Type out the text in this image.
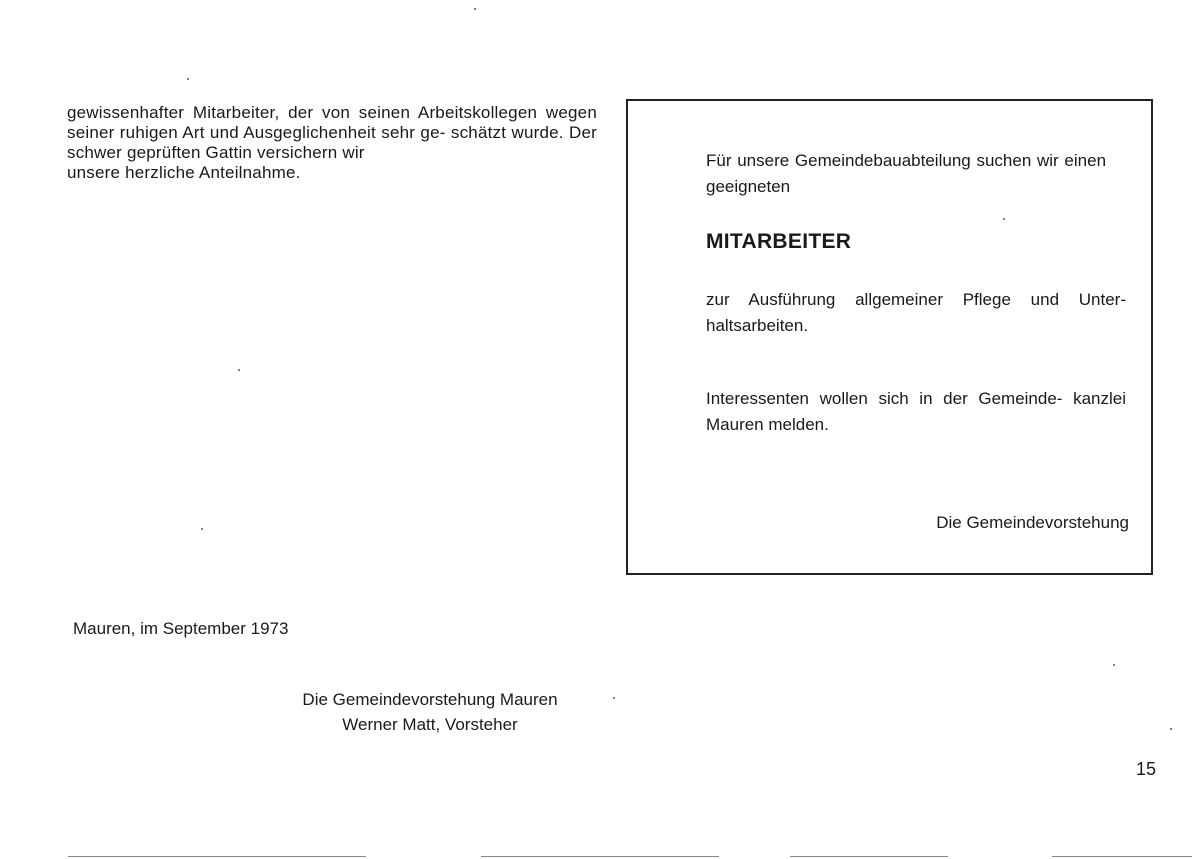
gewissenhafter Mitarbeiter, der von seinen Arbeitskollegen wegen seiner ruhigen Art und Ausgeglichenheit sehr ge- schätzt wurde. Der schwer geprüften Gattin versichern wir
unsere herzliche Anteilnahme.
Für unsere Gemeindebauabteilung suchen wir einen geeigneten
MITARBEITER
zur Ausführung allgemeiner Pflege und Unter- haltsarbeiten.
Interessenten wollen sich in der Gemeinde- kanzlei Mauren melden.
Die Gemeindevorstehung
Mauren, im September 1973
Die Gemeindevorstehung Mauren
Werner Matt, Vorsteher
15
